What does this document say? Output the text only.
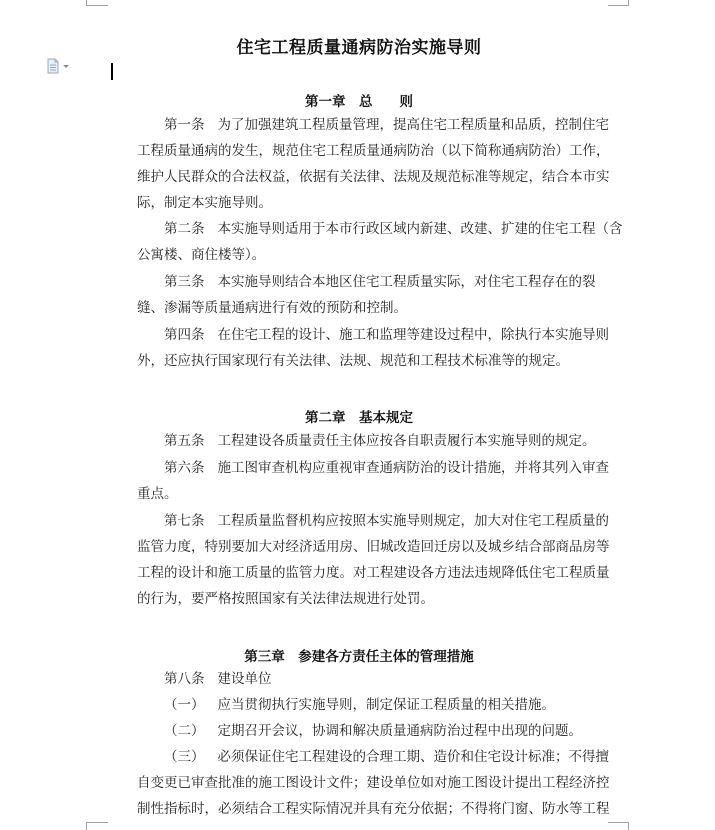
住宅工程质量通病防治实施导则
第一章　总　　则
第一条 为了加强建筑工程质量管理，提高住宅工程质量和品质，控制住宅
工程质量通病的发生，规范住宅工程质量通病防治（以下简称通病防治）工作，
维护人民群众的合法权益，依据有关法律、法规及规范标准等规定，结合本市实
际，制定本实施导则。
第二条 本实施导则适用于本市行政区域内新建、改建、扩建的住宅工程（含
公寓楼、商住楼等）。
第三条 本实施导则结合本地区住宅工程质量实际，对住宅工程存在的裂
缝、渗漏等质量通病进行有效的预防和控制。
第四条 在住宅工程的设计、施工和监理等建设过程中，除执行本实施导则
外，还应执行国家现行有关法律、法规、规范和工程技术标准等的规定。
第二章　基本规定
第五条 工程建设各质量责任主体应按各自职责履行本实施导则的规定。
第六条 施工图审查机构应重视审查通病防治的设计措施，并将其列入审查
重点。
第七条 工程质量监督机构应按照本实施导则规定，加大对住宅工程质量的
监管力度，特别要加大对经济适用房、旧城改造回迁房以及城乡结合部商品房等
工程的设计和施工质量的监管力度。对工程建设各方违法违规降低住宅工程质量
的行为，要严格按照国家有关法律法规进行处罚。
第三章　参建各方责任主体的管理措施
第八条 建设单位
（一） 应当贯彻执行实施导则，制定保证工程质量的相关措施。
（二） 定期召开会议，协调和解决质量通病防治过程中出现的问题。
（三） 必须保证住宅工程建设的合理工期、造价和住宅设计标准；不得擅
自变更已审查批准的施工图设计文件；建设单位如对施工图设计提出工程经济控
制性指标时，必须结合工程实际情况并具有充分依据；不得将门窗、防水等工程
